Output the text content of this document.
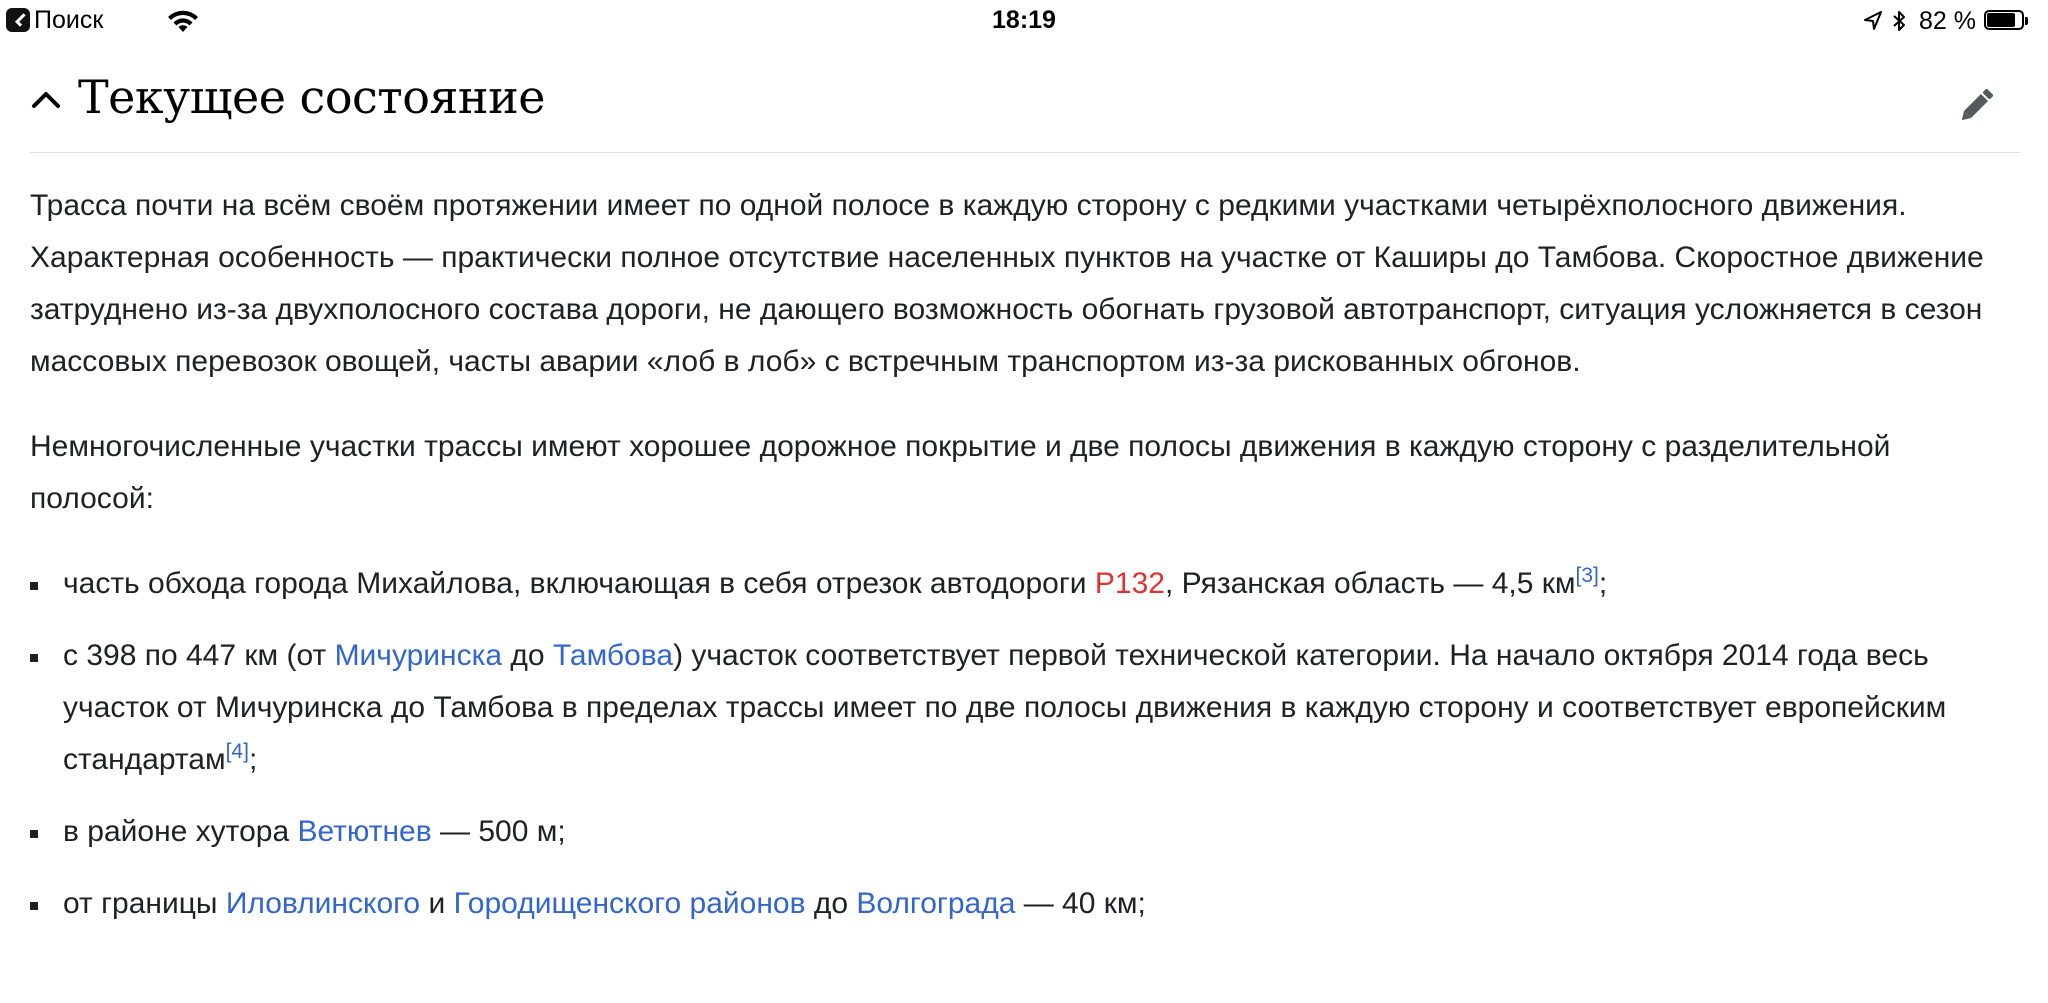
Поиск	18:19	82 %
Текущее состояние

Трасса почти на всём своём протяжении имеет по одной полосе в каждую сторону с редкими участками четырёхполосного движения. Характерная особенность — практически полное отсутствие населенных пунктов на участке от Каширы до Тамбова. Скоростное движение затруднено из-за двухполосного состава дороги, не дающего возможность обогнать грузовой автотранспорт, ситуация усложняется в сезон массовых перевозок овощей, часты аварии «лоб в лоб» с встречным транспортом из-за рискованных обгонов.

Немногочисленные участки трассы имеют хорошее дорожное покрытие и две полосы движения в каждую сторону с разделительной полосой:

часть обхода города Михайлова, включающая в себя отрезок автодороги Р132, Рязанская область — 4,5 км[3];
с 398 по 447 км (от Мичуринска до Тамбова) участок соответствует первой технической категории. На начало октября 2014 года весь участок от Мичуринска до Тамбова в пределах трассы имеет по две полосы движения в каждую сторону и соответствует европейским стандартам[4];
в районе хутора Ветютнев — 500 м;
от границы Иловлинского и Городищенского районов до Волгограда — 40 км;
